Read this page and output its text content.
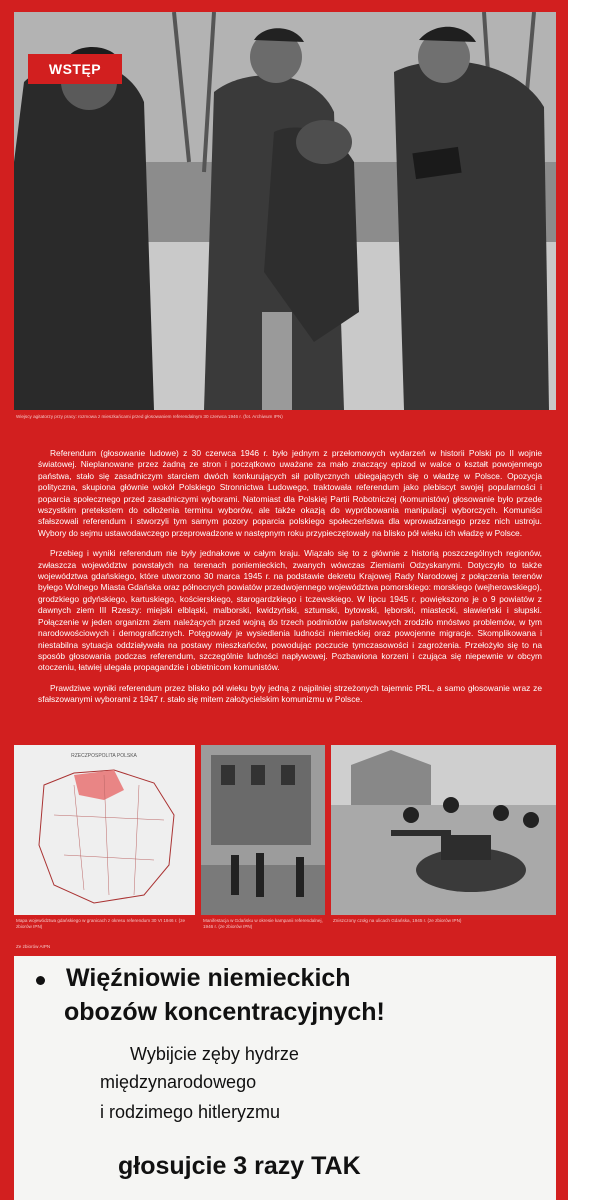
WSTĘP
Wiejscy agitatorzy przy pracy: rozmowa z mieszkańcami przed głosowaniem referendalnym 30 czerwca 1946 r. (fot. Archiwum IPN)

Referendum (głosowanie ludowe) z 30 czerwca 1946 r. było jednym z przełomowych wydarzeń w historii Polski po II wojnie światowej. Nieplanowane przez żadną ze stron i początkowo uważane za mało znaczący epizod w walce o kształt powojennego państwa, stało się zasadniczym starciem dwóch konkurujących sił politycznych ubiegających się o władzę w Polsce. Opozycja polityczna, skupiona głównie wokół Polskiego Stronnictwa Ludowego, traktowała referendum jako plebiscyt swojej popularności i poparcia społecznego przed zasadniczymi wyborami. Natomiast dla Polskiej Partii Robotniczej (komunistów) głosowanie było przede wszystkim pretekstem do odłożenia terminu wyborów, ale także okazją do wypróbowania manipulacji wyborczych. Komuniści sfałszowali referendum i stworzyli tym samym pozory poparcia polskiego społeczeństwa dla wprowadzanego przez nich ustroju. Wybory do sejmu ustawodawczego przeprowadzone w następnym roku przypieczętowały na blisko pół wieku ich władzę w Polsce.

Przebieg i wyniki referendum nie były jednakowe w całym kraju. Wiązało się to z głównie z historią poszczególnych regionów, zwłaszcza województw powstałych na terenach poniemieckich, zwanych wówczas Ziemiami Odzyskanymi. Dotyczyło to także województwa gdańskiego, które utworzono 30 marca 1945 r. na podstawie dekretu Krajowej Rady Narodowej z połączenia terenów byłego Wolnego Miasta Gdańska oraz północnych powiatów przedwojennego województwa pomorskiego: morskiego (wejherowskiego), grodzkiego gdyńskiego, kartuskiego, kościerskiego, starogardzkiego i tczewskiego. W lipcu 1945 r. powiększono je o 9 powiatów z dawnych ziem III Rzeszy: miejski elbląski, malborski, kwidzyński, sztumski, bytowski, lęborski, miastecki, sławieński i słupski. Połączenie w jeden organizm ziem należących przed wojną do trzech podmiotów państwowych zrodziło mnóstwo problemów, w tym narodowościowych i demograficznych. Potęgowały je wysiedlenia ludności niemieckiej oraz powojenne migracje. Skomplikowana i niestabilna sytuacja oddziaływała na postawy mieszkańców, powodując poczucie tymczasowości i zagrożenia. Przełożyło się to na sposób głosowania podczas referendum, szczególnie ludności napływowej. Pozbawiona korzeni i czująca się niepewnie w obcym otoczeniu, łatwiej ulegała propagandzie i obietnicom komunistów.

Prawdziwe wyniki referendum przez blisko pół wieku były jedną z najpilniej strzeżonych tajemnic PRL, a samo głosowanie wraz ze sfałszowanymi wyborami z 1947 r. stało się mitem założycielskim komunizmu w Polsce.

RZECZPOSPOLITA POLSKA
Mapa województwa gdańskiego w granicach z okresu referendum 30 VI 1946 r. (ze zbiorów IPN)
Manifestacja w Gdańsku w okresie kampanii referendalnej, 1946 r. (ze zbiorów IPN)
Zniszczony czołg na ulicach Gdańska, 1945 r. (ze zbiorów IPN)
Ze zbiorów AIPN
Więźniowie niemieckich
obozów koncentracyjnych!
Wybijcie zęby hydrze
międzynarodowego
i rodzimego hitleryzmu
głosujcie 3 razy TAK
